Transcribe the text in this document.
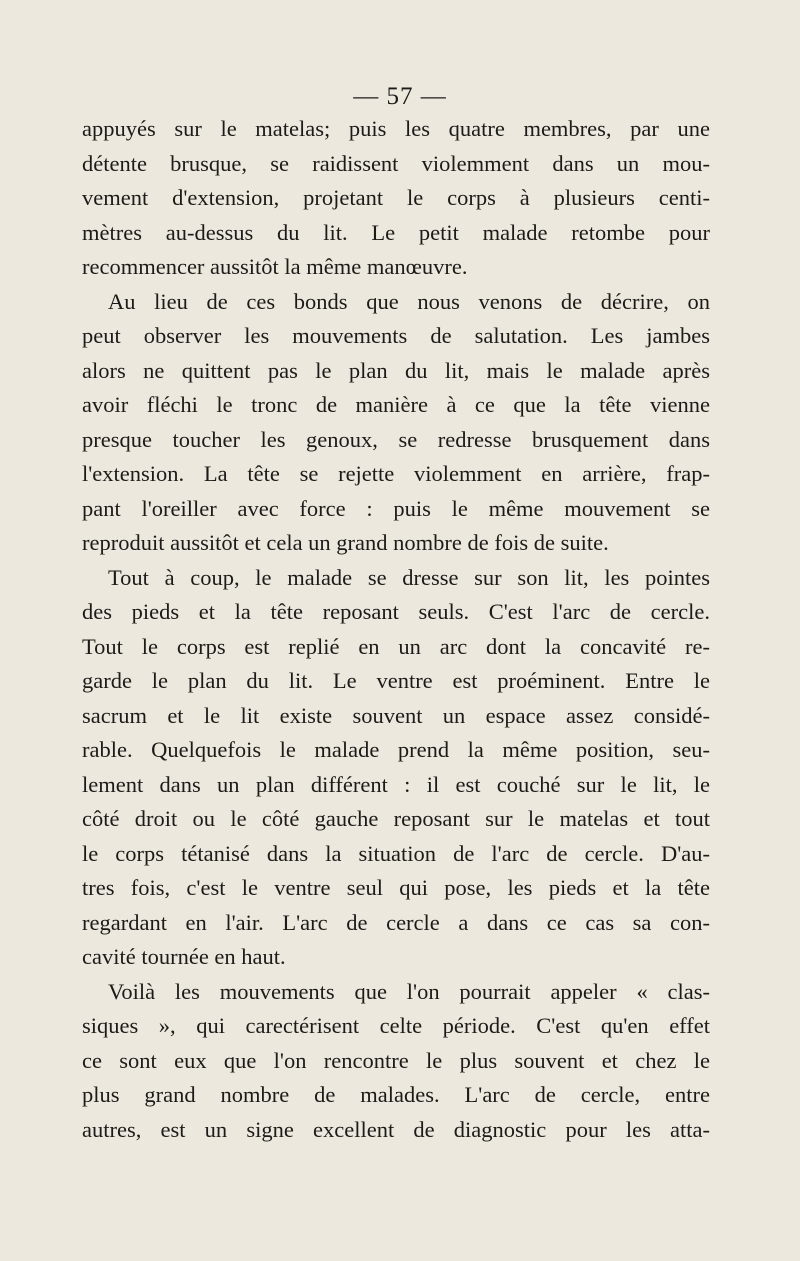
— 57 —
appuyés sur le matelas; puis les quatre membres, par une
détente brusque, se raidissent violemment dans un mou-
vement d'extension, projetant le corps à plusieurs centi-
mètres au-dessus du lit. Le petit malade retombe pour
recommencer aussitôt la même manœuvre.
Au lieu de ces bonds que nous venons de décrire, on
peut observer les mouvements de salutation. Les jambes
alors ne quittent pas le plan du lit, mais le malade après
avoir fléchi le tronc de manière à ce que la tête vienne
presque toucher les genoux, se redresse brusquement dans
l'extension. La tête se rejette violemment en arrière, frap-
pant l'oreiller avec force : puis le même mouvement se
reproduit aussitôt et cela un grand nombre de fois de suite.
Tout à coup, le malade se dresse sur son lit, les pointes
des pieds et la tête reposant seuls. C'est l'arc de cercle.
Tout le corps est replié en un arc dont la concavité re-
garde le plan du lit. Le ventre est proéminent. Entre le
sacrum et le lit existe souvent un espace assez considé-
rable. Quelquefois le malade prend la même position, seu-
lement dans un plan différent : il est couché sur le lit, le
côté droit ou le côté gauche reposant sur le matelas et tout
le corps tétanisé dans la situation de l'arc de cercle. D'au-
tres fois, c'est le ventre seul qui pose, les pieds et la tête
regardant en l'air. L'arc de cercle a dans ce cas sa con-
cavité tournée en haut.
Voilà les mouvements que l'on pourrait appeler « clas-
siques », qui carectérisent celte période. C'est qu'en effet
ce sont eux que l'on rencontre le plus souvent et chez le
plus grand nombre de malades. L'arc de cercle, entre
autres, est un signe excellent de diagnostic pour les atta-
